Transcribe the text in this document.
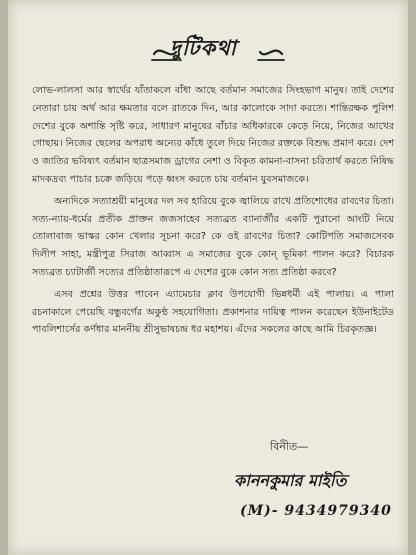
দুটিকথা

লোভ-লালসা আর স্বার্থের যাঁতাকলে বাঁধা আছে বর্তমান সমাজের সিংহভাগ মানুষ। তাই দেশের নেতারা চায় অর্থ আর ক্ষমতার বলে রাতকে দিন, আর কালোকে সাদা করতে। শান্তিরক্ষক পুলিশ দেশের বুকে অশান্তি সৃষ্টি করে, সাধারণ মানুষের বাঁচার অধিকারকে কেড়ে নিয়ে, নিজের আখের গোছায়। নিজের ছেলের অপরাধ অন্যের কাঁধে তুলে দিয়ে নিজের রক্তকে বিশুদ্ধ প্রমাণ করে। দেশ ও জাতির ভবিষ্যৎ বর্তমান ছাত্রসমাজ ড্রাগের নেশা ও বিকৃত কামনা-বাসনা চরিতার্থ করতে নিষিদ্ধ মাদকদ্রব্য পাচার চক্রে জড়িয়ে পড়ে ধ্বংস করতে চায় বর্তমান যুবসমাজকে।

অন্যদিকে সত্যাশ্রয়ী মানুষের দল সব হারিয়ে বুকে জ্বালিয়ে রাখে প্রতিশোধের রাবণের চিতা। সত্য-ন্যায়-ধর্মের প্রতীক প্রাক্তন জজসাহেব সত্যব্রত ব্যানার্জীর একটি পুরানো আংটি নিয়ে তোলাবাজ ভাস্কর কোন খেলার সূচনা করে? কে ওই রাবণের চিতা? কোটিপতি সমাজসেবক দিলীপ সাহা, মন্ত্রীপুত্র সিরাজ আব্বাস এ সমাজের বুকে কোন্ ভূমিকা পালন করে? বিচারক সত্যব্রত চ্যাটার্জী সত্যের প্রতিষ্ঠাতারূপে এ দেশের বুকে কোন সত্য প্রতিষ্ঠা করবে?

এসব প্রশ্নের উত্তর পাবেন এ্যামেচার ক্লাব উপযোগী ভিন্নধর্মী এই পালায়। এ পালা রচনাকালে পেয়েছি বন্ধুবর্গের অকুণ্ঠ সহযোগিতা। প্রকাশনার দায়িত্ব পালন করেছেন ইউনাইটেড পাবলিশার্সের কর্ণধার মাননীয় শ্রীসুভাষচন্দ্র ধর মহাশয়। এঁদের সকলের কাছে আমি চিরকৃতজ্ঞ।

বিনীত—
কাননকুমার মাইতি
(M)- 9434979340
